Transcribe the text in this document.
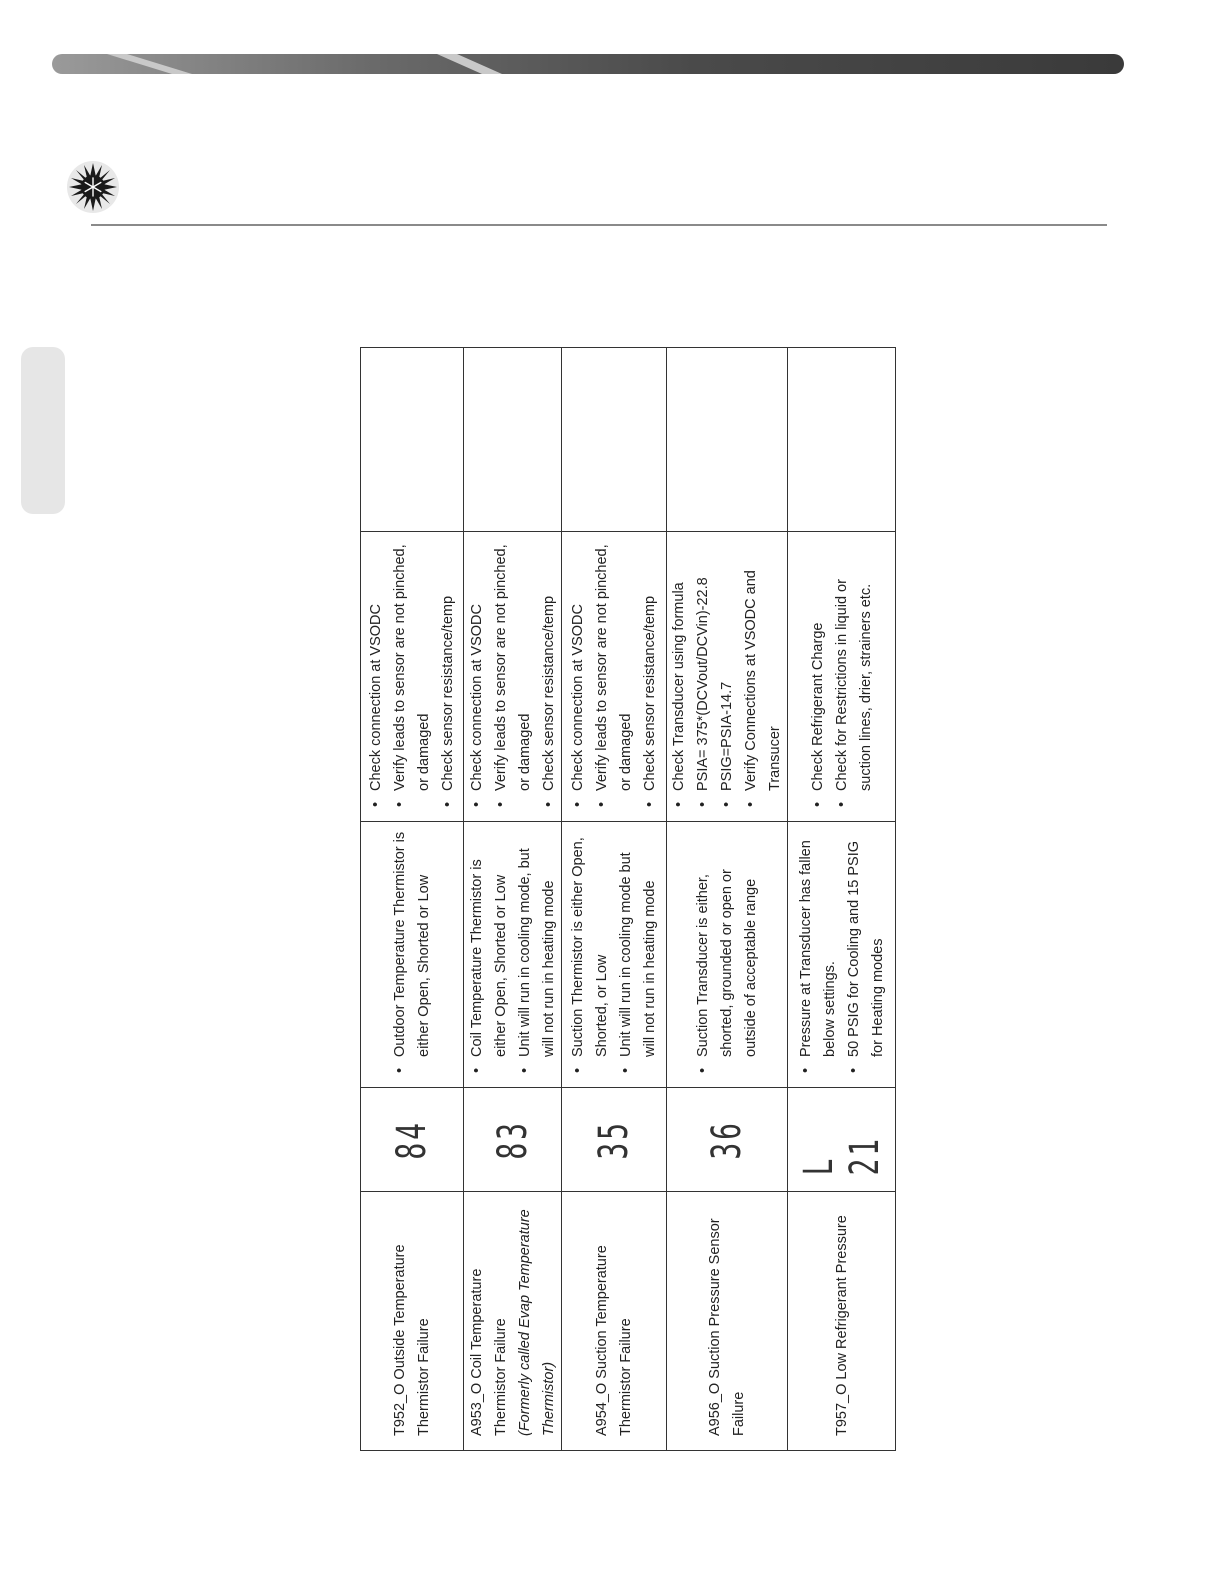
T952_O Outside Temperature Thermistor Failure
84
• Outdoor Temperature Thermistor is either Open, Shorted or Low
• Check connection at VSODC • Verify leads to sensor are not pinched, or damaged • Check sensor resistance/temp
A953_O Coil Temperature Thermistor Failure (Formerly called Evap Temperature Thermistor)
83
• Coil Temperature Thermistor is either Open, Shorted or Low • Unit will run in cooling mode, but will not run in heating mode
• Check connection at VSODC • Verify leads to sensor are not pinched, or damaged • Check sensor resistance/temp
A954_O Suction Temperature Thermistor Failure
35
• Suction Thermistor is either Open, Shorted, or Low • Unit will run in cooling mode but will not run in heating mode
• Check connection at VSODC • Verify leads to sensor are not pinched, or damaged • Check sensor resistance/temp
A956_O Suction Pressure Sensor Failure
36
• Suction Transducer is either, shorted, grounded or open or outside of acceptable range
• Check Transducer using formula • PSIA= 375*(DCVout/DCVin)-22.8 • PSIG=PSIA-14.7 • Verify Connections at VSODC and Transucer
T957_O Low Refrigerant Pressure
L 21
• Pressure at Transducer has fallen below settings. • 50 PSIG for Cooling and 15 PSIG for Heating modes
• Check Refrigerant Charge • Check for Restrictions in liquid or suction lines, drier, strainers etc.
